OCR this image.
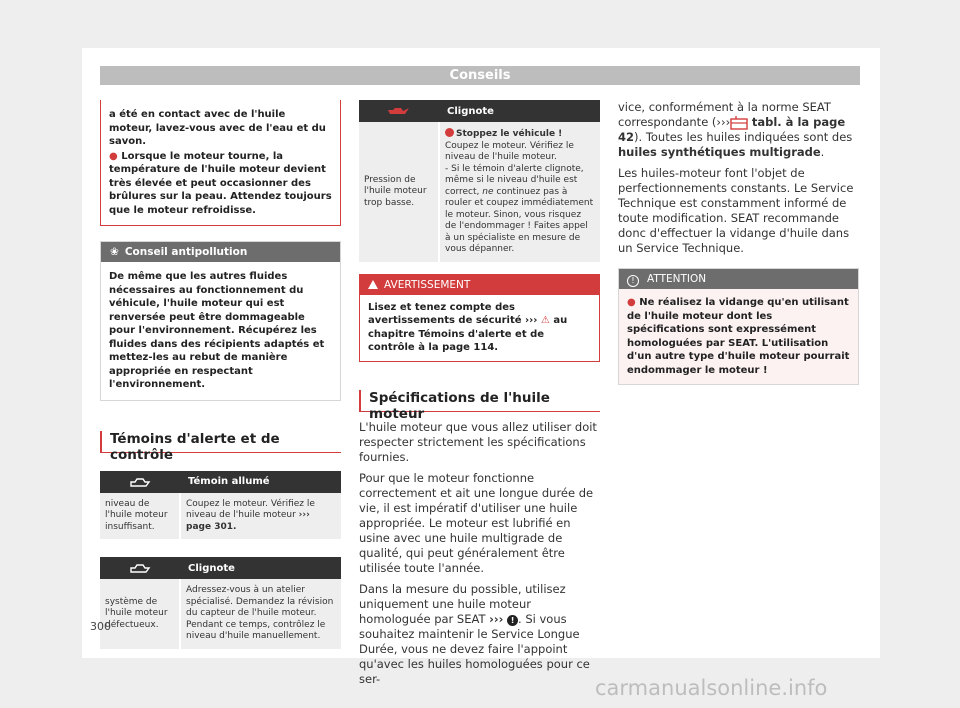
Conseils
a été en contact avec de l'huile moteur, lavez-vous avec de l'eau et du savon.
● Lorsque le moteur tourne, la température de l'huile moteur devient très élevée et peut occasionner des brûlures sur la peau. Attendez toujours que le moteur refroidisse.
❀ Conseil antipollution
De même que les autres fluides nécessaires au fonctionnement du véhicule, l'huile moteur qui est renversée peut être dommageable pour l'environnement. Récupérez les fluides dans des récipients adaptés et mettez-les au rebut de manière appropriée en respectant l'environnement.
Témoins d'alerte et de contrôle
	Témoin allumé
niveau de l'huile moteur insuffisant.	Coupez le moteur. Vérifiez le niveau de l'huile moteur ››› page 301.
	Clignote
système de l'huile moteur défectueux.	Adressez-vous à un atelier spécialisé. Demandez la révision du capteur de l'huile moteur. Pendant ce temps, contrôlez le niveau d'huile manuellement.
	Clignote
Pression de l'huile moteur trop basse.	Stoppez le véhicule !
Coupez le moteur. Vérifiez le niveau de l'huile moteur.
- Si le témoin d'alerte clignote, même si le niveau d'huile est correct, ne continuez pas à rouler et coupez immédiatement le moteur. Sinon, vous risquez de l'endommager ! Faites appel à un spécialiste en mesure de vous dépanner.
AVERTISSEMENT
Lisez et tenez compte des avertissements de sécurité ››› ⚠ au chapitre Témoins d'alerte et de contrôle à la page 114.
Spécifications de l'huile moteur

L'huile moteur que vous allez utiliser doit respecter strictement les spécifications fournies.

Pour que le moteur fonctionne correctement et ait une longue durée de vie, il est impératif d'utiliser une huile appropriée. Le moteur est lubrifié en usine avec une huile multigrade de qualité, qui peut généralement être utilisée toute l'année.

Dans la mesure du possible, utilisez uniquement une huile moteur homologuée par SEAT ››› ! . Si vous souhaitez maintenir le Service Longue Durée, vous ne devez faire l'appoint qu'avec les huiles homologuées pour ce ser-

vice, conformément à la norme SEAT correspondante (››› tabl. à la page 42). Toutes les huiles indiquées sont des huiles synthétiques multigrade.

Les huiles-moteur font l'objet de perfectionnements constants. Le Service Technique est constamment informé de toute modification. SEAT recommande donc d'effectuer la vidange d'huile dans un Service Technique.

! ATTENTION
● Ne réalisez la vidange qu'en utilisant de l'huile moteur dont les spécifications sont expressément homologuées par SEAT. L'utilisation d'un autre type d'huile moteur pourrait endommager le moteur !
300
carmanualsonline.info
